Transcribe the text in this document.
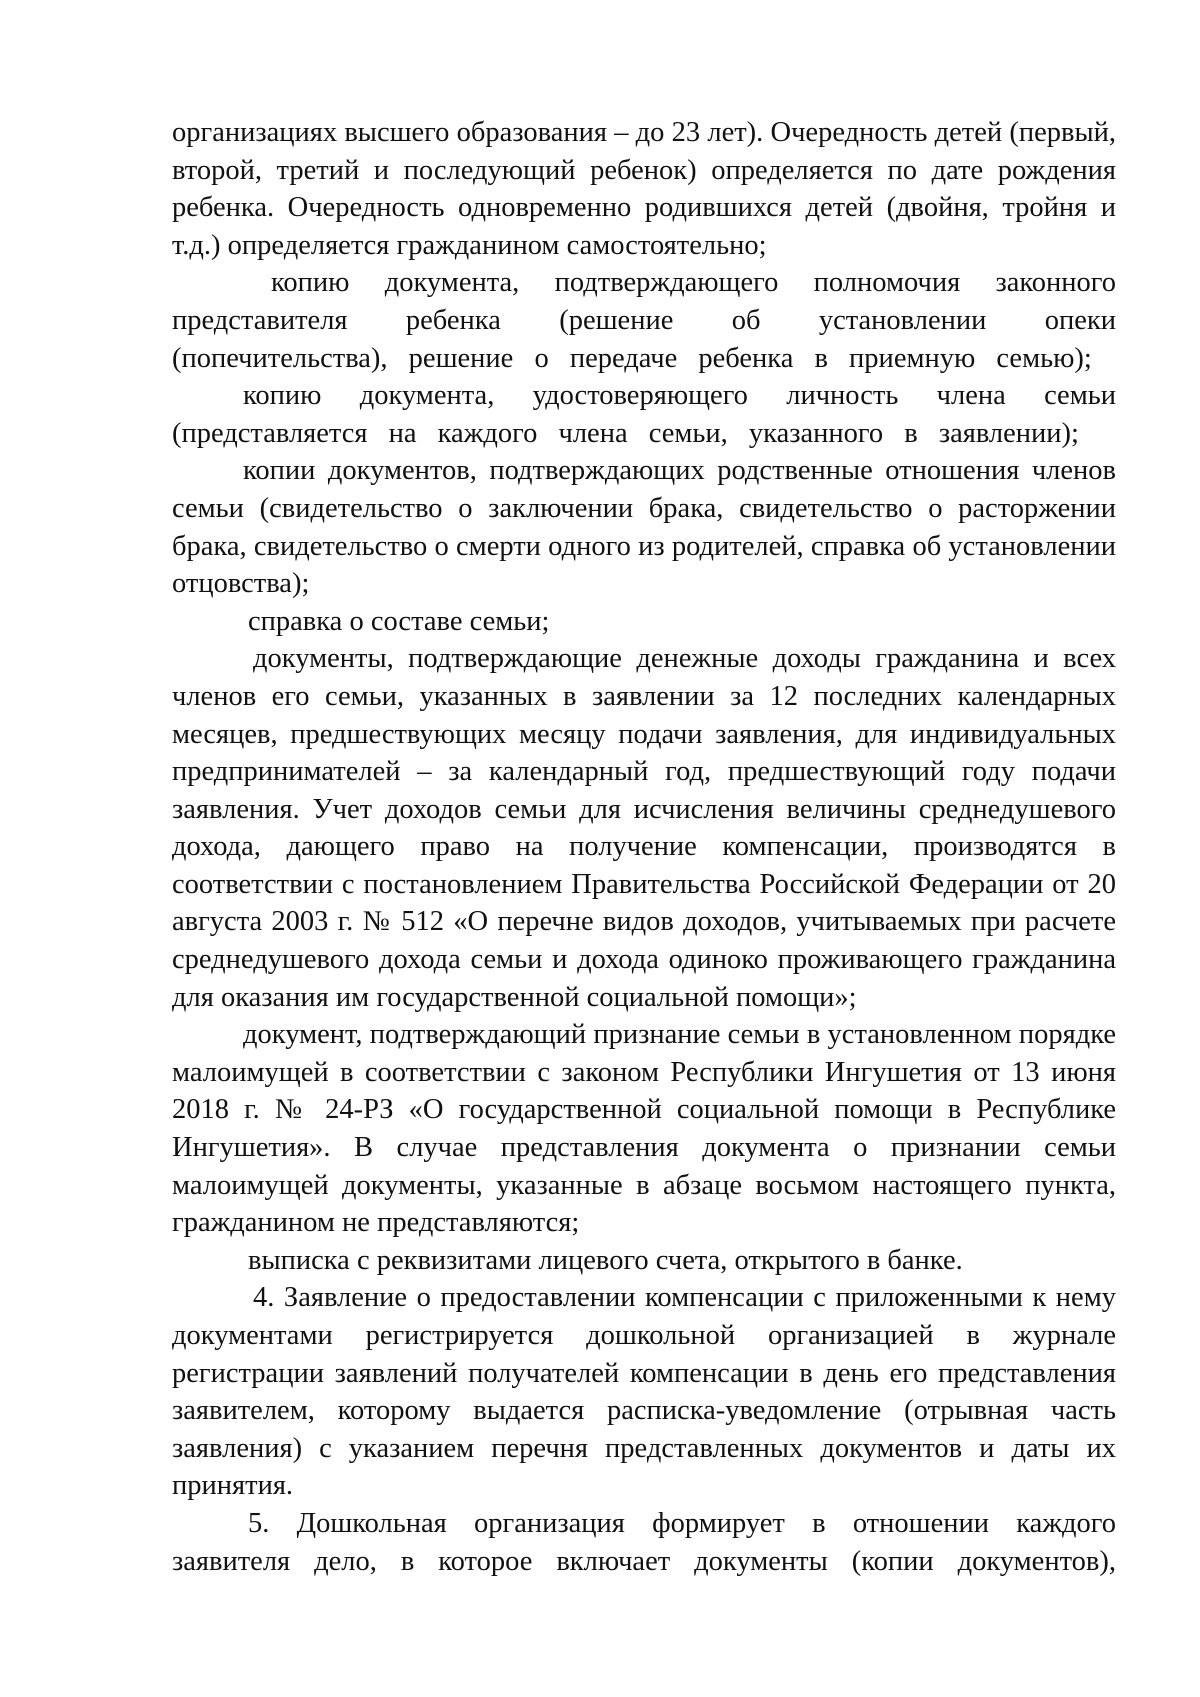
организациях высшего образования – до 23 лет). Очередность детей (первый, второй, третий и последующий ребенок) определяется по дате рождения ребенка. Очередность одновременно родившихся детей (двойня, тройня и т.д.) определяется гражданином самостоятельно;

копию документа, подтверждающего полномочия законного представителя ребенка (решение об установлении опеки (попечительства), решение о передаче ребенка в приемную семью);

копию документа, удостоверяющего личность члена семьи (представляется на каждого члена семьи, указанного в заявлении);

копии документов, подтверждающих родственные отношения членов семьи (свидетельство о заключении брака, свидетельство о расторжении брака, свидетельство о смерти одного из родителей, справка об установлении отцовства);

справка о составе семьи;

документы, подтверждающие денежные доходы гражданина и всех членов его семьи, указанных в заявлении за 12 последних календарных месяцев, предшествующих месяцу подачи заявления, для индивидуальных предпринимателей – за календарный год, предшествующий году подачи заявления. Учет доходов семьи для исчисления величины среднедушевого дохода, дающего право на получение компенсации, производятся в соответствии с постановлением Правительства Российской Федерации от 20 августа 2003 г. № 512 «О перечне видов доходов, учитываемых при расчете среднедушевого дохода семьи и дохода одиноко проживающего гражданина для оказания им государственной социальной помощи»;

документ, подтверждающий признание семьи в установленном порядке малоимущей в соответствии с законом Республики Ингушетия от 13 июня 2018 г. № 24-РЗ «О государственной социальной помощи в Республике Ингушетия». В случае представления документа о признании семьи малоимущей документы, указанные в абзаце восьмом настоящего пункта, гражданином не представляются;

выписка с реквизитами лицевого счета, открытого в банке.

4. Заявление о предоставлении компенсации с приложенными к нему документами регистрируется дошкольной организацией в журнале регистрации заявлений получателей компенсации в день его представления заявителем, которому выдается расписка-уведомление (отрывная часть заявления) с указанием перечня представленных документов и даты их принятия.

5. Дошкольная организация формирует в отношении каждого заявителя дело, в которое включает документы (копии документов),
